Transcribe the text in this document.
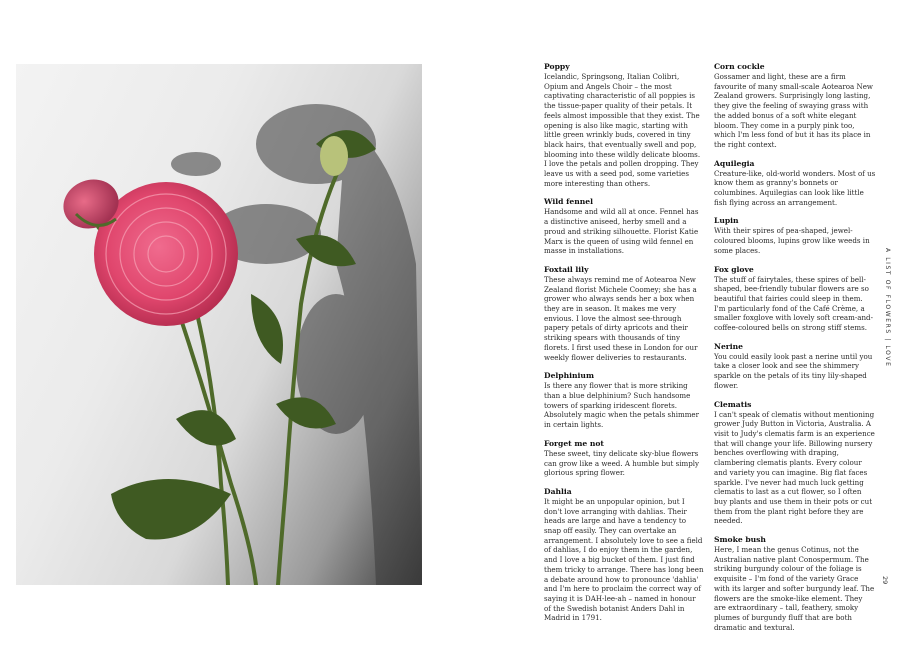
Poppy

Icelandic, Springsong, Italian Colibri, Opium and Angels Choir – the most captivating characteristic of all poppies is the tissue-paper quality of their petals. It feels almost impossible that they exist. The opening is also like magic, starting with little green wrinkly buds, covered in tiny black hairs, that eventually swell and pop, blooming into these wildly delicate blooms. I love the petals and pollen dropping. They leave us with a seed pod, some varieties more interesting than others.

Wild fennel

Handsome and wild all at once. Fennel has a distinctive aniseed, herby smell and a proud and striking silhouette. Florist Katie Marx is the queen of using wild fennel en masse in installations.

Foxtail lily

These always remind me of Aotearoa New Zealand florist Michele Coomey; she has a grower who always sends her a box when they are in season. It makes me very envious. I love the almost see-through papery petals of dirty apricots and their striking spears with thousands of tiny florets. I first used these in London for our weekly flower deliveries to restaurants.

Delphinium

Is there any flower that is more striking than a blue delphinium? Such handsome towers of sparking iridescent florets. Absolutely magic when the petals shimmer in certain lights.

Forget me not

These sweet, tiny delicate sky-blue flowers can grow like a weed. A humble but simply glorious spring flower.

Dahlia

It might be an unpopular opinion, but I don't love arranging with dahlias. Their heads are large and have a tendency to snap off easily. They can overtake an arrangement. I absolutely love to see a field of dahlias, I do enjoy them in the garden, and I love a big bucket of them. I just find them tricky to arrange. There has long been a debate around how to pronounce 'dahlia' and I'm here to proclaim the correct way of saying it is DAH-lee-ah – named in honour of the Swedish botanist Anders Dahl in Madrid in 1791.

Corn cockle

Gossamer and light, these are a firm favourite of many small-scale Aotearoa New Zealand growers. Surprisingly long lasting, they give the feeling of swaying grass with the added bonus of a soft white elegant bloom. They come in a purply pink too, which I'm less fond of but it has its place in the right context.

Aquilegia

Creature-like, old-world wonders. Most of us know them as granny's bonnets or columbines. Aquilegias can look like little fish flying across an arrangement.

Lupin

With their spires of pea-shaped, jewel-coloured blooms, lupins grow like weeds in some places.

Fox glove

The stuff of fairytales, these spires of bell-shaped, bee-friendly tubular flowers are so beautiful that fairies could sleep in them. I'm particularly fond of the Café Crème, a smaller foxglove with lovely soft cream-and-coffee-coloured bells on strong stiff stems.

Nerine

You could easily look past a nerine until you take a closer look and see the shimmery sparkle on the petals of its tiny lily-shaped flower.

Clematis

I can't speak of clematis without mentioning grower Judy Button in Victoria, Australia. A visit to Judy's clematis farm is an experience that will change your life. Billowing nursery benches overflowing with draping, clambering clematis plants. Every colour and variety you can imagine. Big flat faces sparkle. I've never had much luck getting clematis to last as a cut flower, so I often buy plants and use them in their pots or cut them from the plant right before they are needed.

Smoke bush

Here, I mean the genus Cotinus, not the Australian native plant Conospermum. The striking burgundy colour of the foliage is exquisite – I'm fond of the variety Grace with its larger and softer burgundy leaf. The flowers are the smoke-like element. They are extraordinary – tall, feathery, smoky plumes of burgundy fluff that are both dramatic and textural.

A LIST OF FLOWERS | LOVE
29
